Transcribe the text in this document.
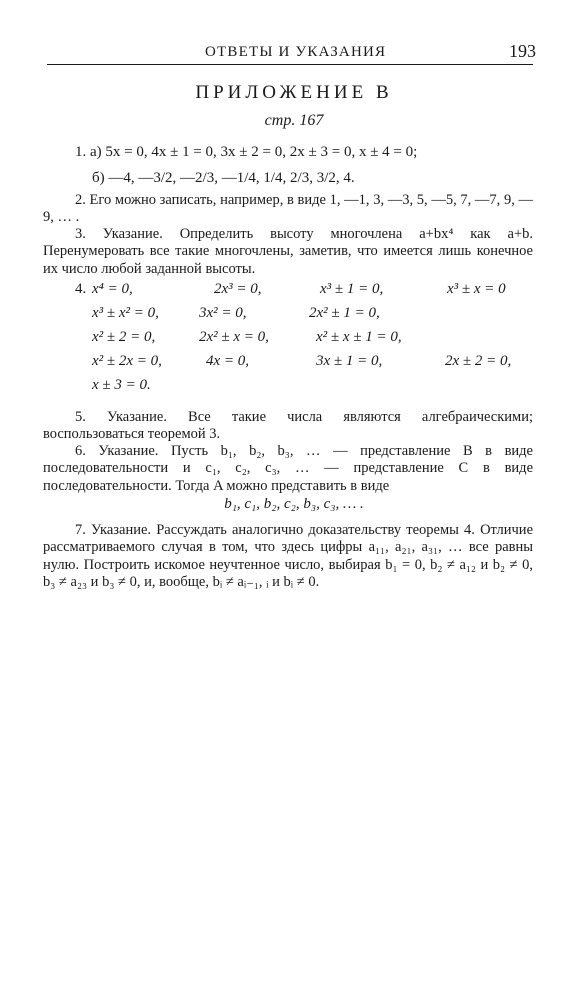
ОТВЕТЫ И УКАЗАНИЯ	193
ПРИЛОЖЕНИЕ В
стр. 167
1. а) 5x = 0, 4x ± 1 = 0, 3x ± 2 = 0, 2x ± 3 = 0, x ± 4 = 0;
б) —4, —3/2, —2/3, —1/4, 1/4, 2/3, 3/2, 4.
2. Его можно записать, например, в виде 1, —1, 3, —3, 5, —5, 7, —7, 9, —9, … .
3. Указание. Определить высоту многочлена a+bx⁴ как a+b. Перенумеровать все такие многочлены, заметив, что имеется лишь конечное их число любой заданной высоты.
4. x⁴ = 0,	2x³ = 0,	x³ ± 1 = 0,	x³ ± x = 0
x³ ± x² = 0,	3x² = 0,	2x² ± 1 = 0,
x² ± 2 = 0,	2x² ± x = 0,	x² ± x ± 1 = 0,
x² ± 2x = 0,	4x = 0,	3x ± 1 = 0,	2x ± 2 = 0,
x ± 3 = 0.
5. Указание. Все такие числа являются алгебраическими; воспользоваться теоремой 3.
6. Указание. Пусть b₁, b₂, b₃, … — представление B в виде последовательности и c₁, c₂, c₃, … — представление C в виде последовательности. Тогда A можно представить в виде
b₁, c₁, b₂, c₂, b₃, c₃, … .
7. Указание. Рассуждать аналогично доказательству теоремы 4. Отличие рассматриваемого случая в том, что здесь цифры a₁₁, a₂₁, a₃₁, … все равны нулю. Построить искомое неучтенное число, выбирая b₁ = 0, b₂ ≠ a₁₂ и b₂ ≠ 0, b₃ ≠ a₂₃ и b₃ ≠ 0, и, вообще, bᵢ ≠ aᵢ₋₁, ᵢ и bᵢ ≠ 0.
